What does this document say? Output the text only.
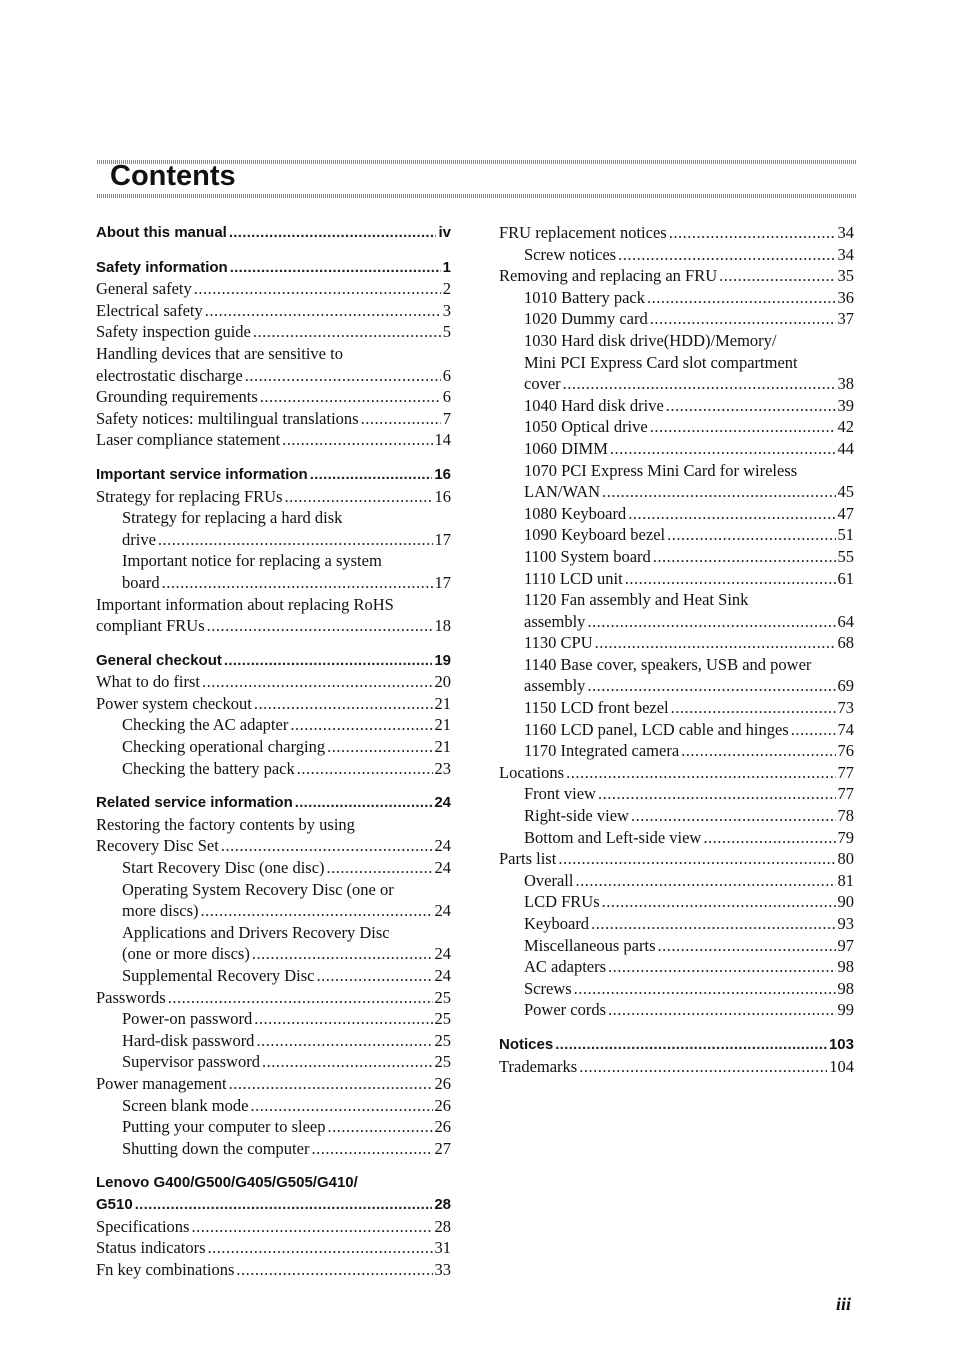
Contents
About this manual .....	iv
Safety information .....	1
General safety .....	2
Electrical safety .....	3
Safety inspection guide .....	5
Handling devices that are sensitive to
electrostatic discharge .....	6
Grounding requirements .....	6
Safety notices: multilingual translations .....	7
Laser compliance statement .....	14
Important service information .....	16
Strategy for replacing FRUs .....	16
Strategy for replacing a hard disk
drive .....	17
Important notice for replacing a system
board .....	17
Important information about replacing RoHS
compliant FRUs .....	18
General checkout .....	19
What to do first .....	20
Power system checkout .....	21
Checking the AC adapter .....	21
Checking operational charging .....	21
Checking the battery pack .....	23
Related service information .....	24
Restoring the factory contents by using
Recovery Disc Set .....	24
Start Recovery Disc (one disc) .....	24
Operating System Recovery Disc (one or
more discs) .....	24
Applications and Drivers Recovery Disc
(one or more discs) .....	24
Supplemental Recovery Disc .....	24
Passwords .....	25
Power-on password .....	25
Hard-disk password .....	25
Supervisor password .....	25
Power management .....	26
Screen blank mode .....	26
Putting your computer to sleep .....	26
Shutting down the computer .....	27
Lenovo G400/G500/G405/G505/G410/
G510 .....	28
Specifications .....	28
Status indicators .....	31
Fn key combinations .....	33
FRU replacement notices .....	34
Screw notices .....	34
Removing and replacing an FRU .....	35
1010 Battery pack .....	36
1020 Dummy card .....	37
1030 Hard disk drive(HDD)/Memory/
Mini PCI Express Card slot compartment
cover .....	38
1040 Hard disk drive .....	39
1050 Optical drive .....	42
1060 DIMM .....	44
1070 PCI Express Mini Card for wireless
LAN/WAN .....	45
1080 Keyboard .....	47
1090 Keyboard bezel .....	51
1100 System board .....	55
1110 LCD unit .....	61
1120 Fan assembly and Heat Sink
assembly .....	64
1130 CPU .....	68
1140 Base cover, speakers, USB and power
assembly .....	69
1150 LCD front bezel .....	73
1160 LCD panel, LCD cable and hinges .....	74
1170 Integrated camera .....	76
Locations .....	77
Front view .....	77
Right-side view .....	78
Bottom and Left-side view .....	79
Parts list .....	80
Overall .....	81
LCD FRUs .....	90
Keyboard .....	93
Miscellaneous parts .....	97
AC adapters .....	98
Screws .....	98
Power cords .....	99
Notices .....	103
Trademarks .....	104
iii
